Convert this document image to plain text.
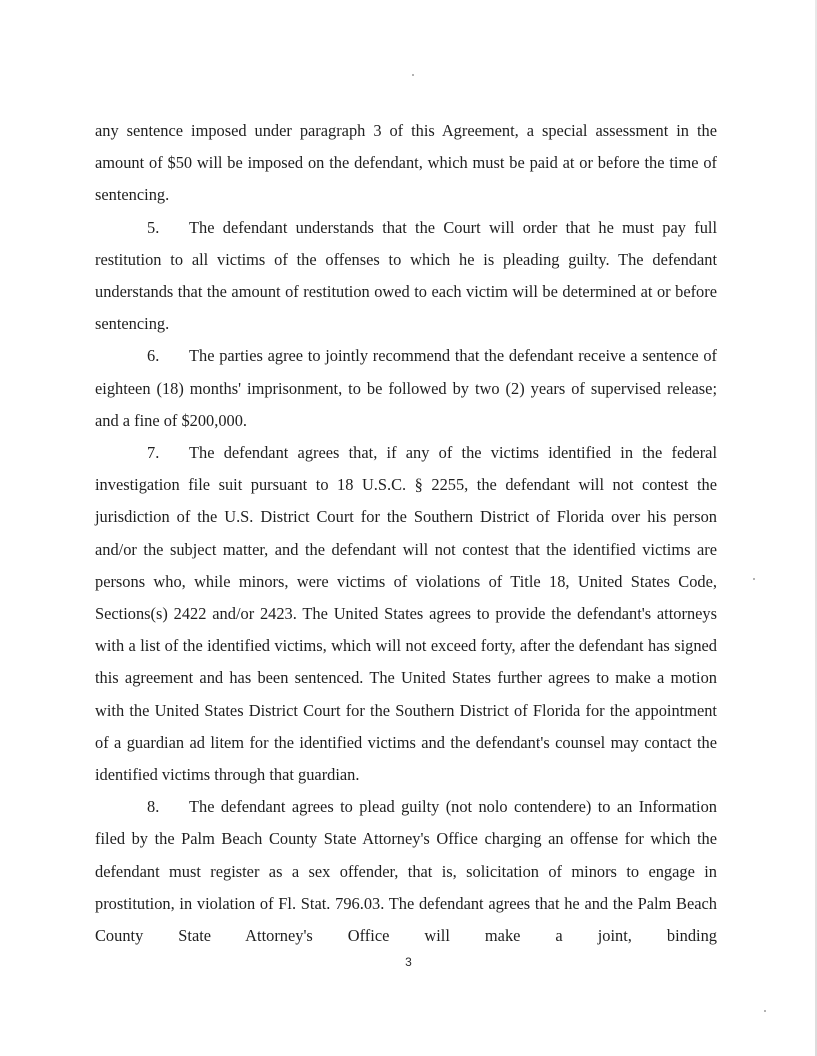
any sentence imposed under paragraph 3 of this Agreement, a special assessment in the amount of $50 will be imposed on the defendant, which must be paid at or before the time of sentencing.

5. The defendant understands that the Court will order that he must pay full restitution to all victims of the offenses to which he is pleading guilty. The defendant understands that the amount of restitution owed to each victim will be determined at or before sentencing.

6. The parties agree to jointly recommend that the defendant receive a sentence of eighteen (18) months' imprisonment, to be followed by two (2) years of supervised release; and a fine of $200,000.

7. The defendant agrees that, if any of the victims identified in the federal investigation file suit pursuant to 18 U.S.C. § 2255, the defendant will not contest the jurisdiction of the U.S. District Court for the Southern District of Florida over his person and/or the subject matter, and the defendant will not contest that the identified victims are persons who, while minors, were victims of violations of Title 18, United States Code, Sections(s) 2422 and/or 2423. The United States agrees to provide the defendant's attorneys with a list of the identified victims, which will not exceed forty, after the defendant has signed this agreement and has been sentenced. The United States further agrees to make a motion with the United States District Court for the Southern District of Florida for the appointment of a guardian ad litem for the identified victims and the defendant's counsel may contact the identified victims through that guardian.

8. The defendant agrees to plead guilty (not nolo contendere) to an Information filed by the Palm Beach County State Attorney's Office charging an offense for which the defendant must register as a sex offender, that is, solicitation of minors to engage in prostitution, in violation of Fl. Stat. 796.03. The defendant agrees that he and the Palm Beach County State Attorney's Office will make a joint, binding

3
